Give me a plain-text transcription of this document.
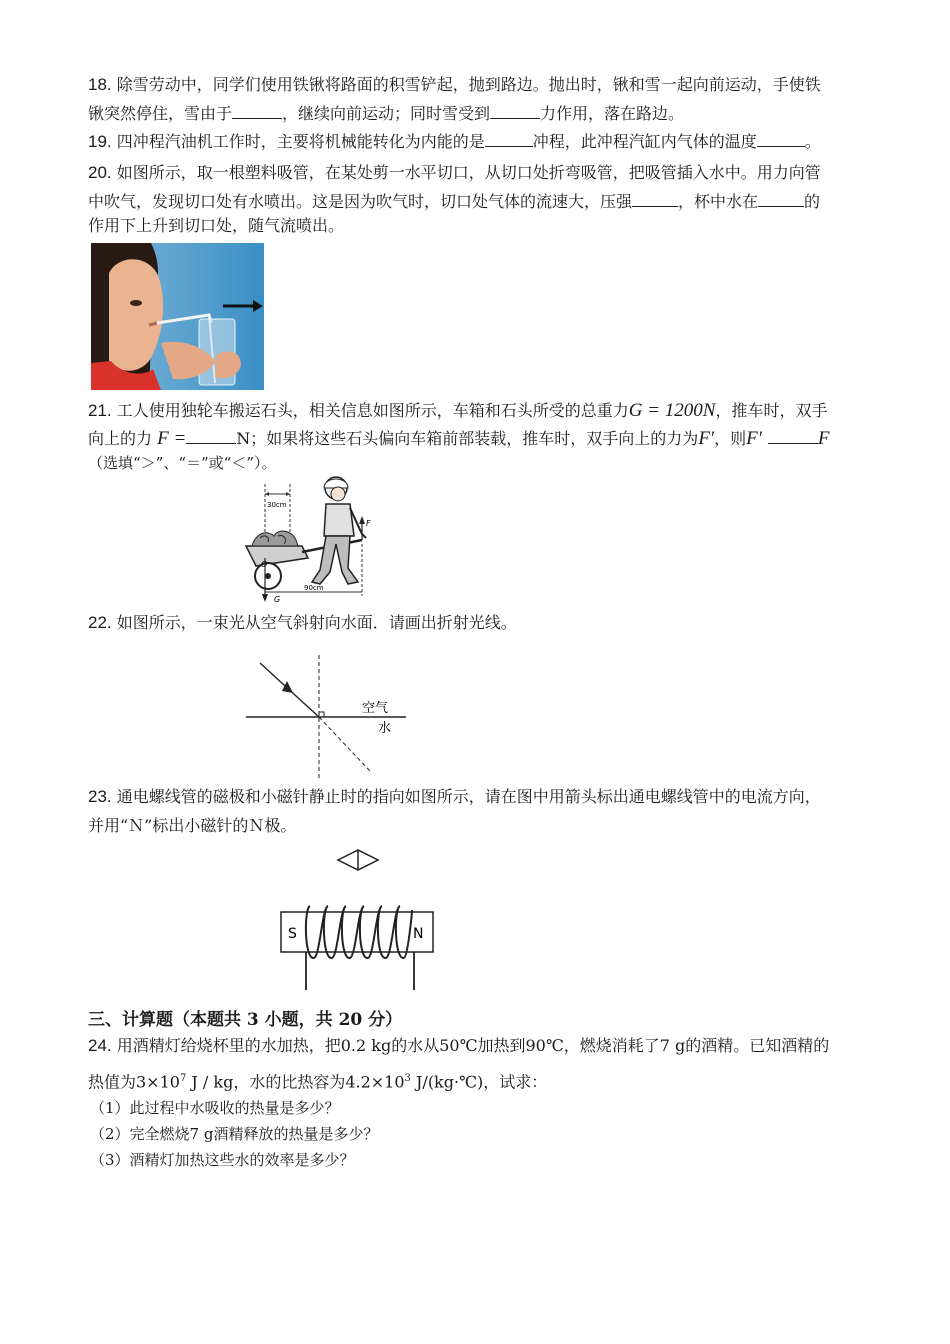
18. 除雪劳动中，同学们使用铁锹将路面的积雪铲起，抛到路边。抛出时，锹和雪一起向前运动，手使铁
锹突然停住，雪由于	，继续向前运动；同时雪受到	力作用，落在路边。
19. 四冲程汽油机工作时，主要将机械能转化为内能的是	冲程，此冲程汽缸内气体的温度	。
20. 如图所示，取一根塑料吸管，在某处剪一水平切口，从切口处折弯吸管，把吸管插入水中。用力向管
中吹气，发现切口处有水喷出。这是因为吹气时，切口处气体的流速大，压强	，杯中水在	的
作用下上升到切口处，随气流喷出。
21. 工人使用独轮车搬运石头，相关信息如图所示，车箱和石头所受的总重力G = 1200N，推车时，双手
向上的力 F =	N；如果将这些石头偏向车箱前部装载，推车时，双手向上的力为F′，则F′	F
（选填“＞”、“＝”或“＜”）。
30cm
O
G
90cm
F
22. 如图所示，一束光从空气斜射向水面．请画出折射光线。
空气
水
23. 通电螺线管的磁极和小磁针静止时的指向如图所示，请在图中用箭头标出通电螺线管中的电流方向，
并用“Ｎ”标出小磁针的Ｎ极。
S	N
三、计算题（本题共 3 小题，共 20 分）
24. 用酒精灯给烧杯里的水加热，把0.2 kg的水从50℃加热到90℃，燃烧消耗了7 g的酒精。已知酒精的
热值为$3\times 10^7$ J / kg，水的比热容为$4.2\times 10^3$ J/(kg·℃)，试求：
（1）此过程中水吸收的热量是多少？
（2）完全燃烧7 g酒精释放的热量是多少？
（3）酒精灯加热这些水的效率是多少？
